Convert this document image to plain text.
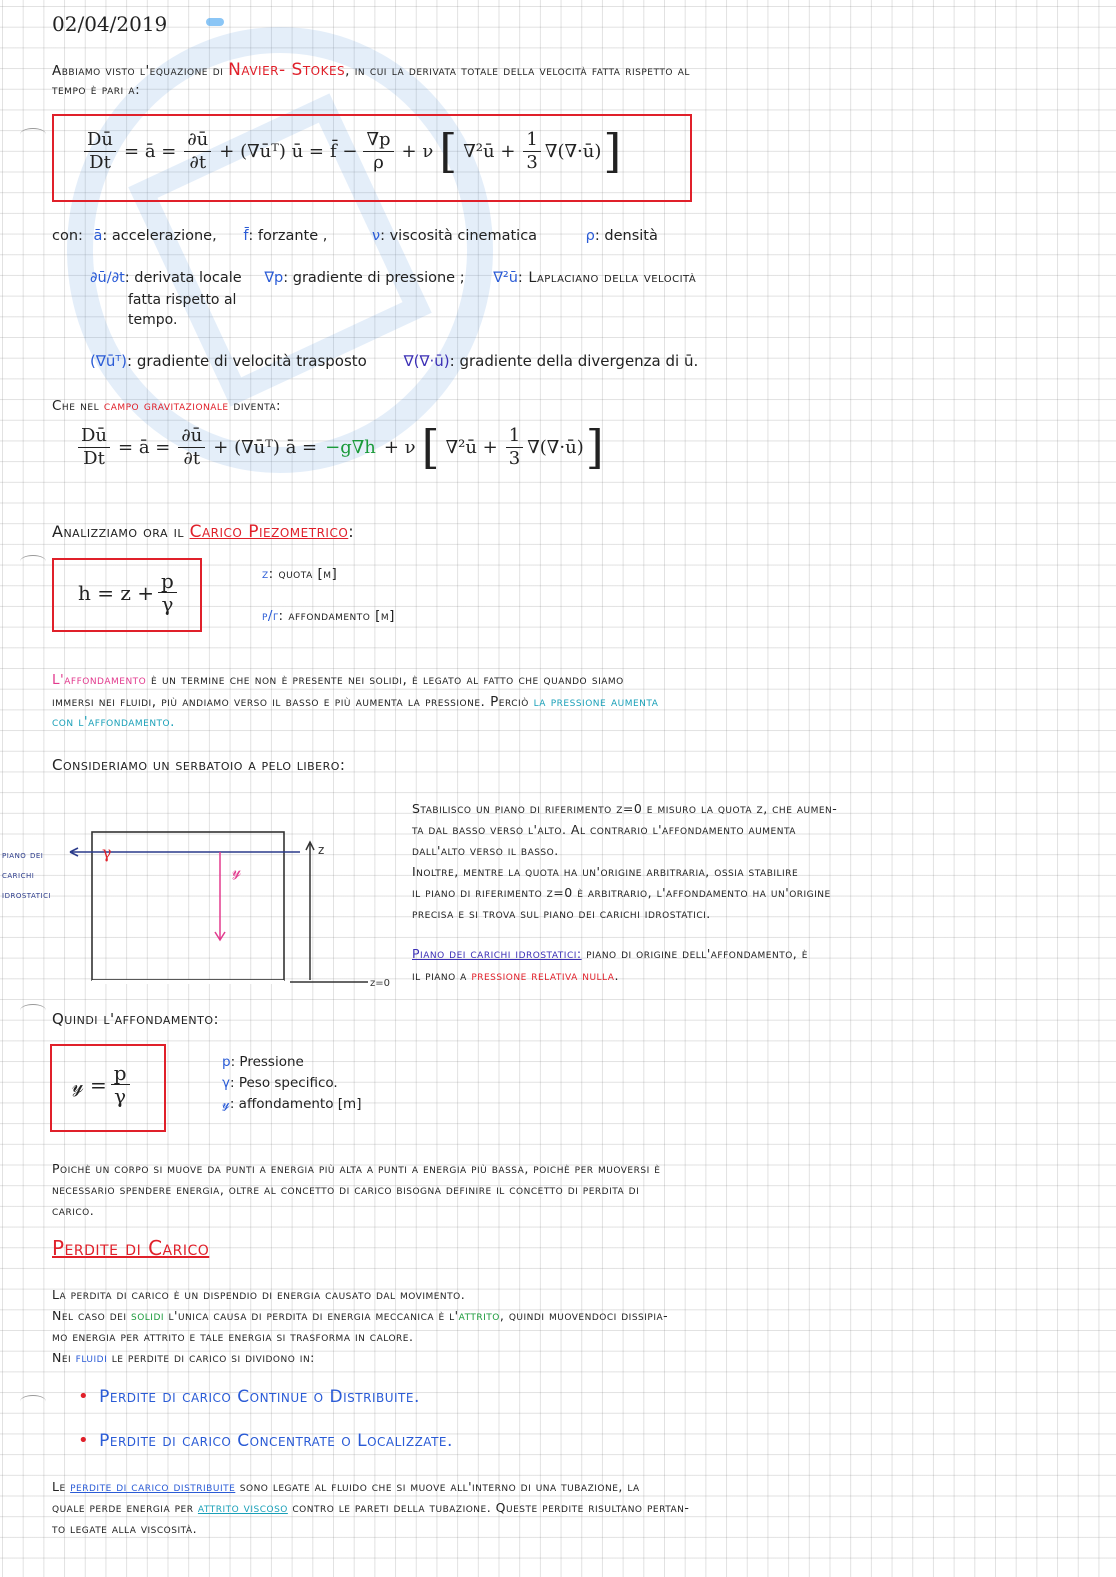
02/04/2019
Abbiamo visto l'equazione di Navier- Stokes, in cui la derivata totale della velocità fatta rispetto al
tempo è pari a:
$\frac{Dū}{Dt}$ = ā = $\frac{\partial ū}{\partial t}$ + (∇ūᵀ) ū = f̄ − $\frac{\nabla p}{\rho} + \nu$ [ ∇²ū + $\frac{1}{3}$ ∇(∇·ū) ]
con: ā: accelerazione, f̄: forzante ,	ν: viscosità cinematica	ρ: densità
∂ū/∂t: derivata locale ∇p: gradiente di pressione ; ∇²ū: Laplaciano della velocità
fatta rispetto al
tempo.
(∇ūᵀ): gradiente di velocità trasposto ∇(∇·ū): gradiente della divergenza di ū.
Che nel campo gravitazionale diventa:
$\frac{Dū}{Dt}$ = ā = $\frac{\partial ū}{\partial t}$ + (∇ūᵀ) ā = −g∇h + ν [ ∇²ū + $\frac{1}{3}$ ∇(∇·ū) ]
Analizziamo ora il Carico Piezometrico:
$h = z + \frac{p}{\gamma}$	z: quota [m]
p/γ: affondamento [m]
L'affondamento è un termine che non è presente nei solidi, è legato al fatto che quando siamo
immersi nei fluidi, più andiamo verso il basso e più aumenta la pressione. Perciò la pressione aumenta
con l'affondamento.
Consideriamo un serbatoio a pelo libero:
γ
𝓎
z
z=0
piano dei
carichi
idrostatici
Stabilisco un piano di riferimento z=0 e misuro la quota z, che aumen-
ta dal basso verso l'alto. Al contrario l'affondamento aumenta
dall'alto verso il basso.
Inoltre, mentre la quota ha un'origine arbitraria, ossia stabilire
il piano di riferimento z=0 è arbitrario, l'affondamento ha un'origine
precisa e si trova sul piano dei carichi idrostatici.
Piano dei carichi idrostatici: piano di origine dell'affondamento, è
il piano a pressione relativa nulla.
Quindi l'affondamento:
𝓎 = $\frac{p}{\gamma}$	p: Pressione
γ: Peso specifico.
𝓎: affondamento [m]
Poichè un corpo si muove da punti a energia più alta a punti a energia più bassa, poichè per muoversi è
necessario spendere energia, oltre al concetto di carico bisogna definire il concetto di perdita di
carico.
Perdite di Carico
La perdita di carico è un dispendio di energia causato dal movimento.
Nel caso dei solidi l'unica causa di perdita di energia meccanica è l'attrito, quindi muovendoci dissipia-
mo energia per attrito e tale energia si trasforma in calore.
Nei fluidi le perdite di carico si dividono in:
• Perdite di carico Continue o Distribuite.
• Perdite di carico Concentrate o Localizzate.
Le perdite di carico distribuite sono legate al fluido che si muove all'interno di una tubazione, la
quale perde energia per attrito viscoso contro le pareti della tubazione. Queste perdite risultano pertan-
to legate alla viscosità.
